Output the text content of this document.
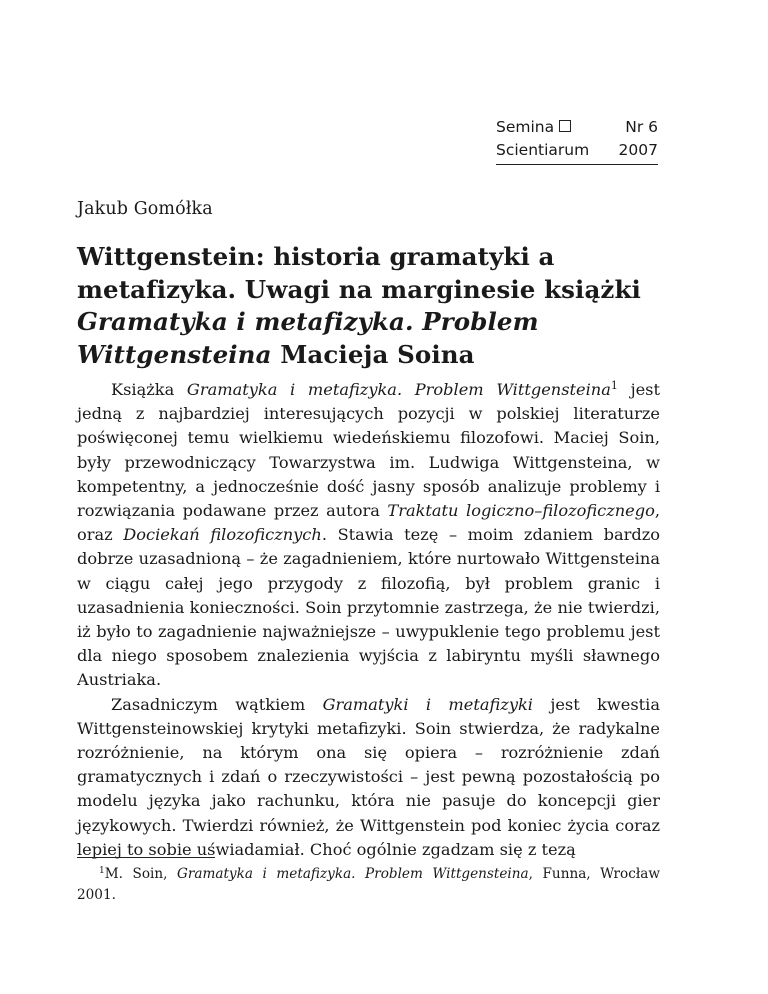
Semina	Nr 6
Scientiarum 2007
Jakub Gomółka
Wittgenstein: historia gramatyki a metafizyka. Uwagi na marginesie książki Gramatyka i metafizyka. Problem Wittgensteina Macieja Soina

Książka Gramatyka i metafizyka. Problem Wittgensteina$^1$ jest jedną z najbardziej interesujących pozycji w polskiej literaturze poświęconej temu wielkiemu wiedeńskiemu filozofowi. Maciej Soin, były przewodniczący Towarzystwa im. Ludwiga Wittgensteina, w kompetentny, a jednocześnie dość jasny sposób analizuje problemy i rozwiązania podawane przez autora Traktatu logiczno–filozoficznego, oraz Dociekań filozoficznych. Stawia tezę – moim zdaniem bardzo dobrze uzasadnioną – że zagadnieniem, które nurtowało Wittgensteina w ciągu całej jego przygody z filozofią, był problem granic i uzasadnienia konieczności. Soin przytomnie zastrzega, że nie twierdzi, iż było to zagadnienie najważniejsze – uwypuklenie tego problemu jest dla niego sposobem znalezienia wyjścia z labiryntu myśli sławnego Austriaka.

Zasadniczym wątkiem Gramatyki i metafizyki jest kwestia Wittgensteinowskiej krytyki metafizyki. Soin stwierdza, że radykalne rozróżnienie, na którym ona się opiera – rozróżnienie zdań gramatycznych i zdań o rzeczywistości – jest pewną pozostałością po modelu języka jako rachunku, która nie pasuje do koncepcji gier językowych. Twierdzi również, że Wittgenstein pod koniec życia coraz lepiej to sobie uświadamiał. Choć ogólnie zgadzam się z tezą

$^1$M. Soin, Gramatyka i metafizyka. Problem Wittgensteina, Funna, Wrocław 2001.
